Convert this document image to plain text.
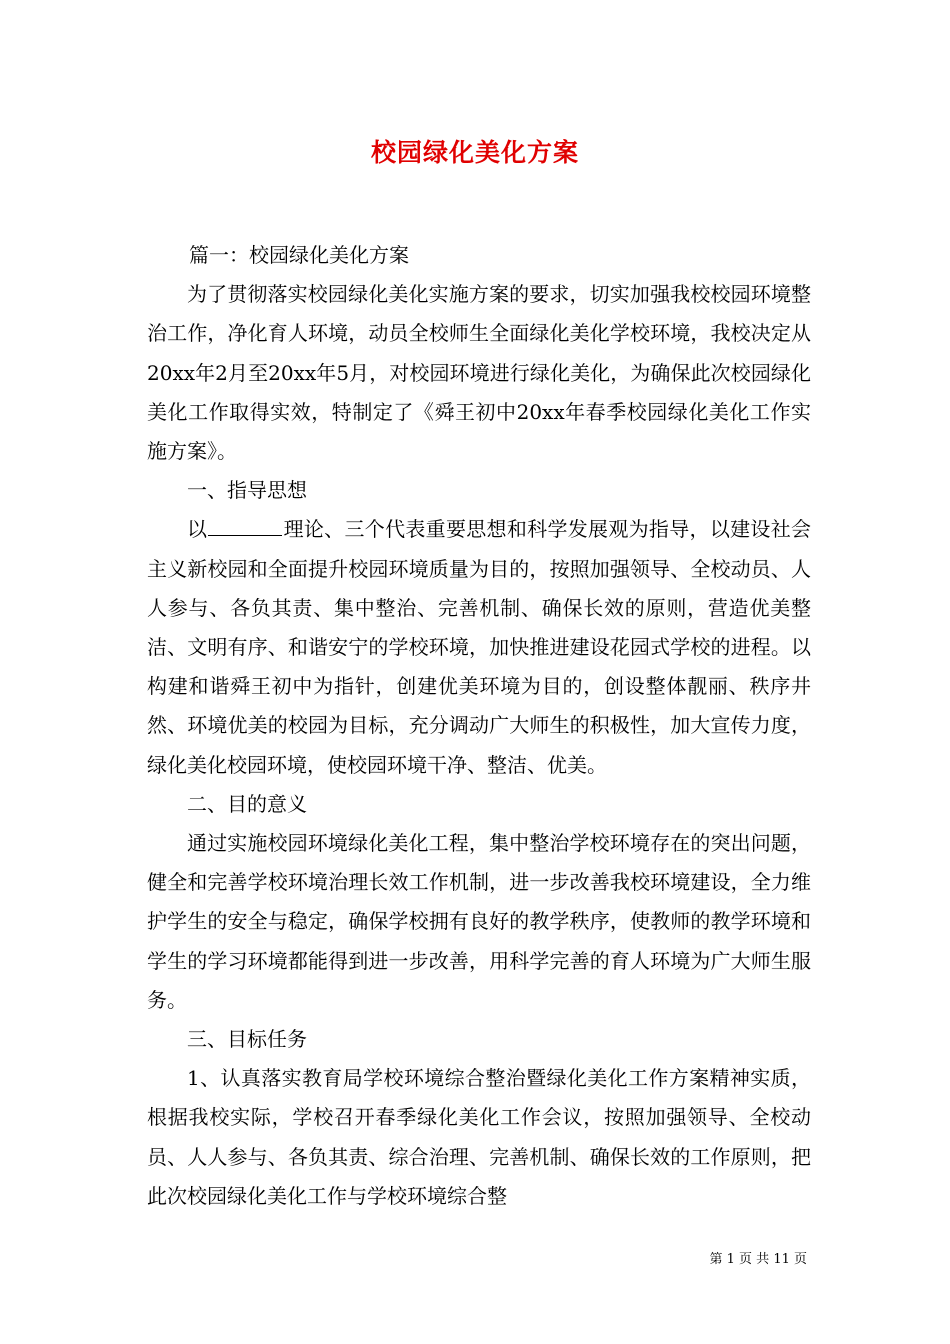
校园绿化美化方案

篇一：校园绿化美化方案

为了贯彻落实校园绿化美化实施方案的要求，切实加强我校校园环境整治工作，净化育人环境，动员全校师生全面绿化美化学校环境，我校决定从20xx年2月至20xx年5月，对校园环境进行绿化美化，为确保此次校园绿化美化工作取得实效，特制定了《舜王初中20xx年春季校园绿化美化工作实施方案》。

一、指导思想

以	理论、三个代表重要思想和科学发展观为指导，以建设社会主义新校园和全面提升校园环境质量为目的，按照加强领导、全校动员、人人参与、各负其责、集中整治、完善机制、确保长效的原则，营造优美整洁、文明有序、和谐安宁的学校环境，加快推进建设花园式学校的进程。以构建和谐舜王初中为指针，创建优美环境为目的，创设整体靓丽、秩序井然、环境优美的校园为目标，充分调动广大师生的积极性，加大宣传力度，绿化美化校园环境，使校园环境干净、整洁、优美。

二、目的意义

通过实施校园环境绿化美化工程，集中整治学校环境存在的突出问题，健全和完善学校环境治理长效工作机制，进一步改善我校环境建设，全力维护学生的安全与稳定，确保学校拥有良好的教学秩序，使教师的教学环境和学生的学习环境都能得到进一步改善，用科学完善的育人环境为广大师生服务。

三、目标任务

1、认真落实教育局学校环境综合整治暨绿化美化工作方案精神实质，根据我校实际，学校召开春季绿化美化工作会议，按照加强领导、全校动员、人人参与、各负其责、综合治理、完善机制、确保长效的工作原则，把此次校园绿化美化工作与学校环境综合整

第 1 页 共 11 页
